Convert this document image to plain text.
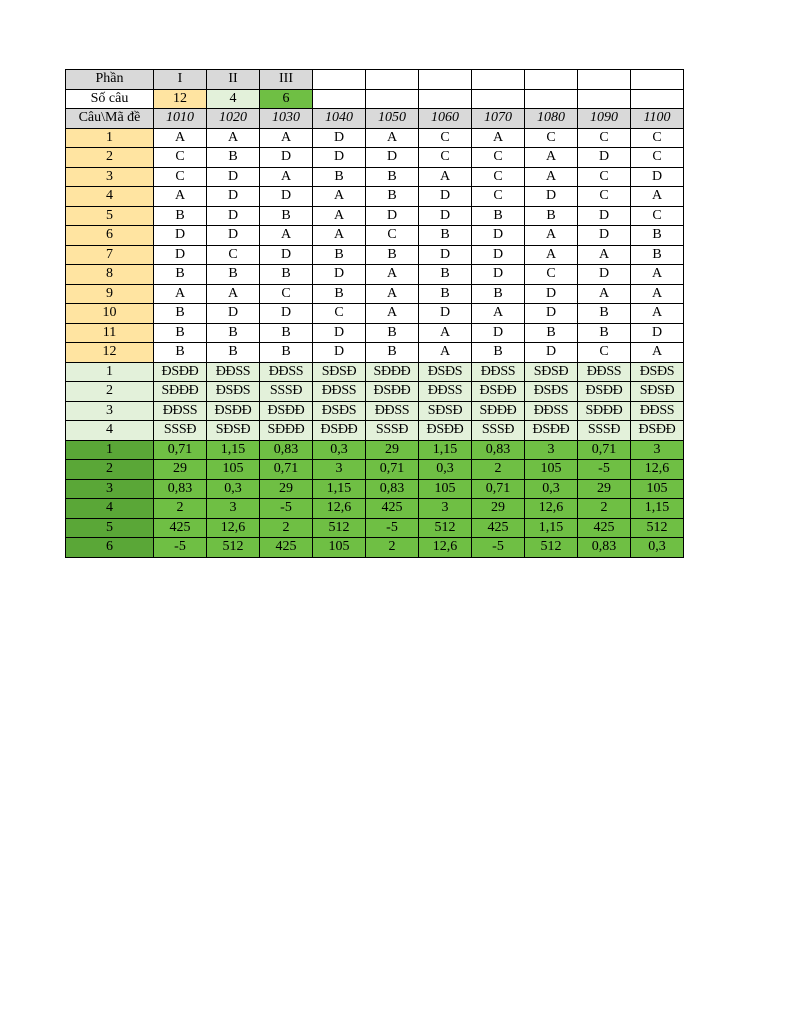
Phần	I	II	III							
Số câu	12	4	6							
Câu\Mã đề	1010	1020	1030	1040	1050	1060	1070	1080	1090	1100
1	A	A	A	D	A	C	A	C	C	C
2	C	B	D	D	D	C	C	A	D	C
3	C	D	A	B	B	A	C	A	C	D
4	A	D	D	A	B	D	C	D	C	A
5	B	D	B	A	D	D	B	B	D	C
6	D	D	A	A	C	B	D	A	D	B
7	D	C	D	B	B	D	D	A	A	B
8	B	B	B	D	A	B	D	C	D	A
9	A	A	C	B	A	B	B	D	A	A
10	B	D	D	C	A	D	A	D	B	A
11	B	B	B	D	B	A	D	B	B	D
12	B	B	B	D	B	A	B	D	C	A
1	ĐSĐĐ	ĐĐSS	ĐĐSS	SĐSĐ	SĐĐĐ	ĐSĐS	ĐĐSS	SĐSĐ	ĐĐSS	ĐSĐS
2	SĐĐĐ	ĐSĐS	SSSĐ	ĐĐSS	ĐSĐĐ	ĐĐSS	ĐSĐĐ	ĐSĐS	ĐSĐĐ	SĐSĐ
3	ĐĐSS	ĐSĐĐ	ĐSĐĐ	ĐSĐS	ĐĐSS	SĐSĐ	SĐĐĐ	ĐĐSS	SĐĐĐ	ĐĐSS
4	SSSĐ	SĐSĐ	SĐĐĐ	ĐSĐĐ	SSSĐ	ĐSĐĐ	SSSĐ	ĐSĐĐ	SSSĐ	ĐSĐĐ
1	0,71	1,15	0,83	0,3	29	1,15	0,83	3	0,71	3
2	29	105	0,71	3	0,71	0,3	2	105	-5	12,6
3	0,83	0,3	29	1,15	0,83	105	0,71	0,3	29	105
4	2	3	-5	12,6	425	3	29	12,6	2	1,15
5	425	12,6	2	512	-5	512	425	1,15	425	512
6	-5	512	425	105	2	12,6	-5	512	0,83	0,3
